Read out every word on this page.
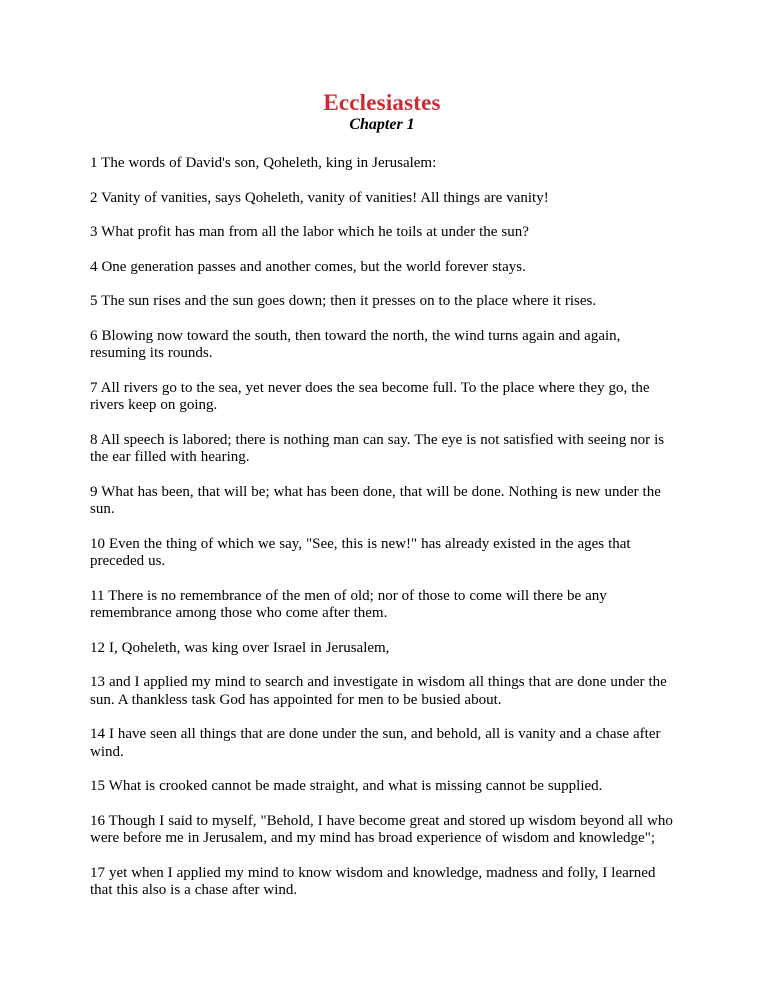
Ecclesiastes
Chapter 1

1 The words of David's son, Qoheleth, king in Jerusalem:

2 Vanity of vanities, says Qoheleth, vanity of vanities! All things are vanity!

3 What profit has man from all the labor which he toils at under the sun?

4 One generation passes and another comes, but the world forever stays.

5 The sun rises and the sun goes down; then it presses on to the place where it rises.

6 Blowing now toward the south, then toward the north, the wind turns again and again, resuming its rounds.

7 All rivers go to the sea, yet never does the sea become full. To the place where they go, the rivers keep on going.

8 All speech is labored; there is nothing man can say. The eye is not satisfied with seeing nor is the ear filled with hearing.

9 What has been, that will be; what has been done, that will be done. Nothing is new under the sun.

10 Even the thing of which we say, "See, this is new!" has already existed in the ages that preceded us.

11 There is no remembrance of the men of old; nor of those to come will there be any remembrance among those who come after them.

12 I, Qoheleth, was king over Israel in Jerusalem,

13 and I applied my mind to search and investigate in wisdom all things that are done under the sun. A thankless task God has appointed for men to be busied about.

14 I have seen all things that are done under the sun, and behold, all is vanity and a chase after wind.

15 What is crooked cannot be made straight, and what is missing cannot be supplied.

16 Though I said to myself, "Behold, I have become great and stored up wisdom beyond all who were before me in Jerusalem, and my mind has broad experience of wisdom and knowledge";

17 yet when I applied my mind to know wisdom and knowledge, madness and folly, I learned that this also is a chase after wind.
